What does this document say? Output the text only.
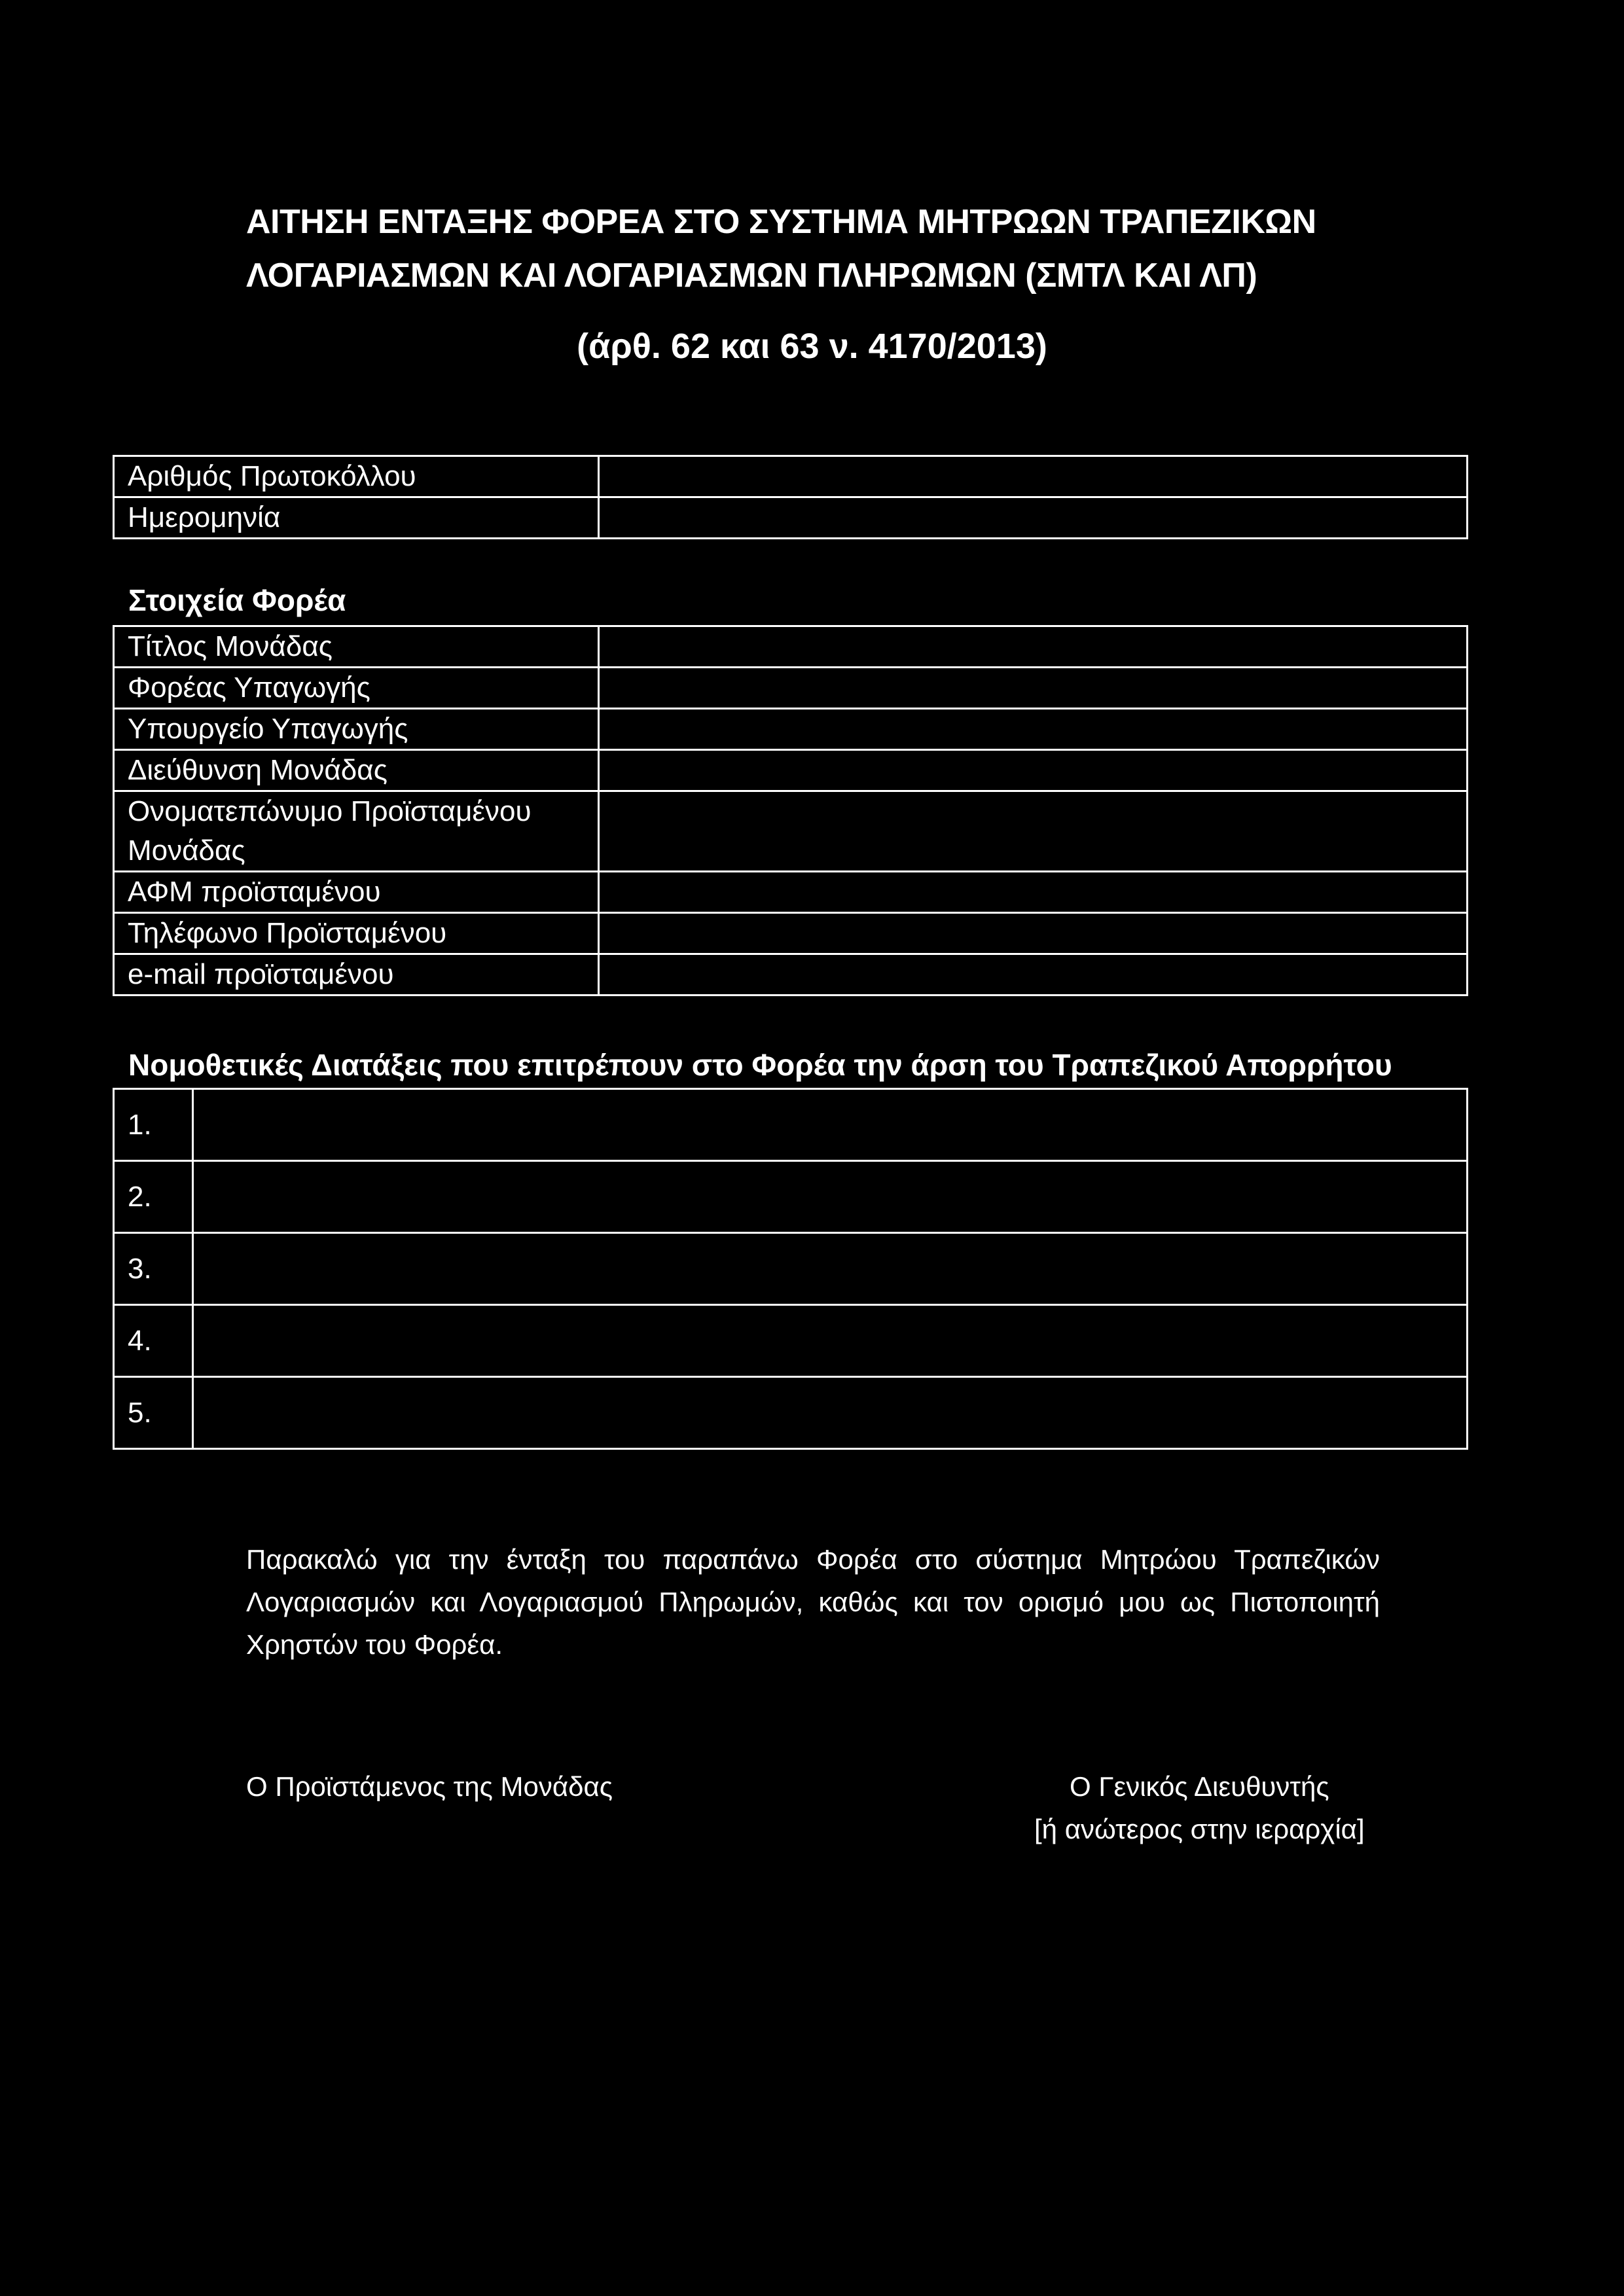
ΑΙΤΗΣΗ ΕΝΤΑΞΗΣ ΦΟΡΕΑ ΣΤΟ ΣΥΣΤΗΜΑ ΜΗΤΡΩΩΝ ΤΡΑΠΕΖΙΚΩΝ
ΛΟΓΑΡΙΑΣΜΩΝ ΚΑΙ ΛΟΓΑΡΙΑΣΜΩΝ ΠΛΗΡΩΜΩΝ (ΣΜΤΛ ΚΑΙ ΛΠ)

(άρθ. 62 και 63 ν. 4170/2013)

Αριθμός Πρωτοκόλλου	
Ημερομηνία	

Στοιχεία Φορέα

Τίτλος Μονάδας	
Φορέας Υπαγωγής	
Υπουργείο Υπαγωγής	
Διεύθυνση Μονάδας	
Ονοματεπώνυμο Προϊσταμένου Μονάδας	
ΑΦΜ προϊσταμένου	
Τηλέφωνο Προϊσταμένου	
e-mail προϊσταμένου	

Νομοθετικές Διατάξεις που επιτρέπουν στο Φορέα την άρση του Τραπεζικού Απορρήτου

1.	
2.	
3.	
4.	
5.	

Παρακαλώ για την ένταξη του παραπάνω Φορέα στο σύστημα Μητρώου Τραπεζικών Λογαριασμών και Λογαριασμού Πληρωμών, καθώς και τον ορισμό μου ως Πιστοποιητή Χρηστών του Φορέα.

Ο Προϊστάμενος της Μονάδας	Ο Γενικός Διευθυντής
[ή ανώτερος στην ιεραρχία]
